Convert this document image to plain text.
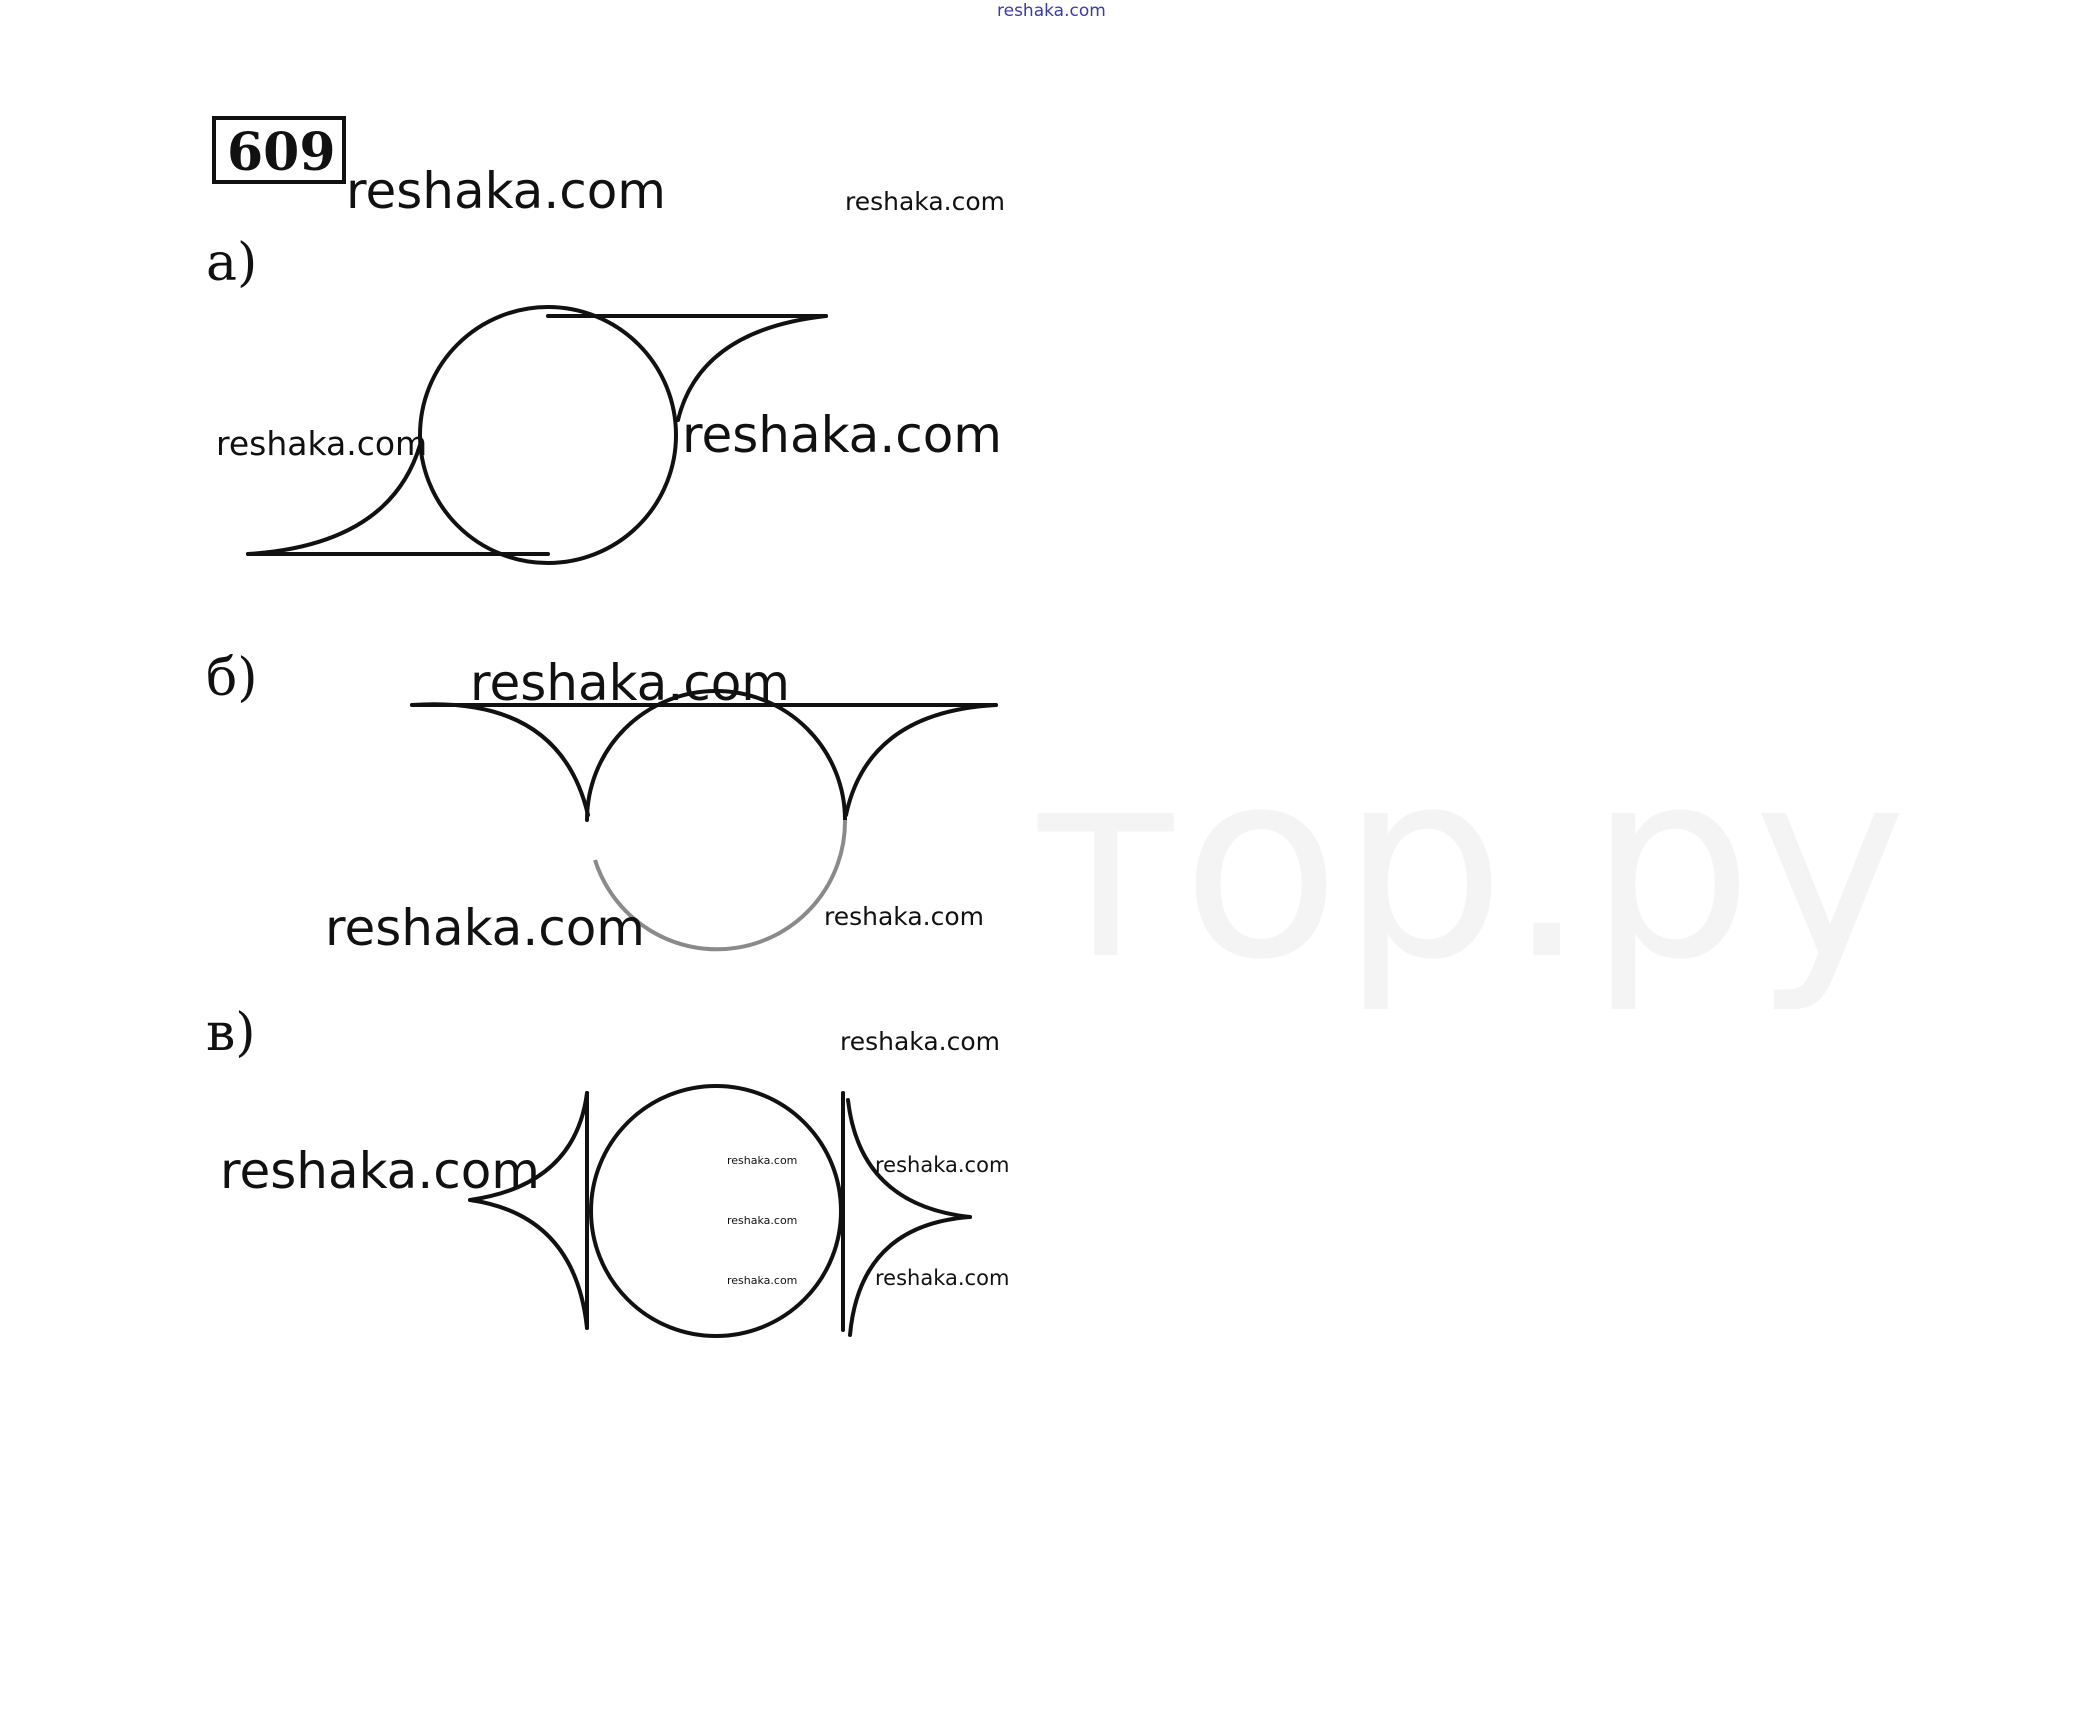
тор.ру
reshaka.com
609
reshaka.com	reshaka.com
а)
reshaka.com	reshaka.com
б)	reshaka.com
reshaka.com	reshaka.com
в)	reshaka.com
reshaka.com	reshaka.com
reshaka.com
reshaka.com
reshaka.com
reshaka.com
